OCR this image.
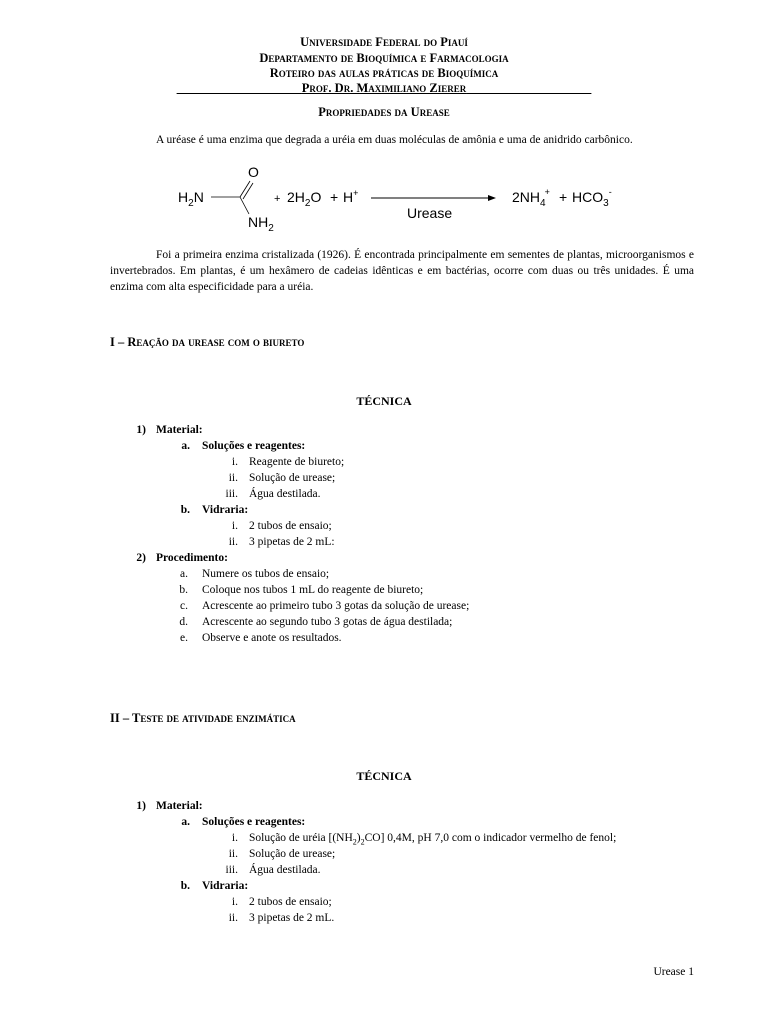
Universidade Federal do Piauí
Departamento de Bioquímica e Farmacologia
Roteiro das aulas práticas de Bioquímica
____________________Prof. Dr. Maximiliano Zierer____________________
Propriedades da Urease
A uréase é uma enzima que degrada a uréia em duas moléculas de amônia e uma de anidrido carbônico.
O
$H_2N$
$NH_2$
+ $2H_2O + H^+$
Urease
$2NH_4+ + HCO_3^-$

Foi a primeira enzima cristalizada (1926). É encontrada principalmente em sementes de plantas, microorganismos e invertebrados. Em plantas, é um hexâmero de cadeias idênticas e em bactérias, ocorre com duas ou três unidades. É uma enzima com alta especificidade para a uréia.

I – Reação da urease com o biureto
TÉCNICA
1) Material:
a. Soluções e reagentes:
i. Reagente de biureto;
ii. Solução de urease;
iii. Água destilada.
b. Vidraria:
i. 2 tubos de ensaio;
ii. 3 pipetas de 2 mL:
2) Procedimento:
a. Numere os tubos de ensaio;
b. Coloque nos tubos 1 mL do reagente de biureto;
c. Acrescente ao primeiro tubo 3 gotas da solução de urease;
d. Acrescente ao segundo tubo 3 gotas de água destilada;
e. Observe e anote os resultados.
II – Teste de atividade enzimática
TÉCNICA
1) Material:
a. Soluções e reagentes:
i. Solução de uréia $[(NH_2)_2CO]$ 0,4M, pH 7,0 com o indicador vermelho de fenol;
ii. Solução de urease;
iii. Água destilada.
b. Vidraria:
i. 2 tubos de ensaio;
ii. 3 pipetas de 2 mL.
Urease 1
